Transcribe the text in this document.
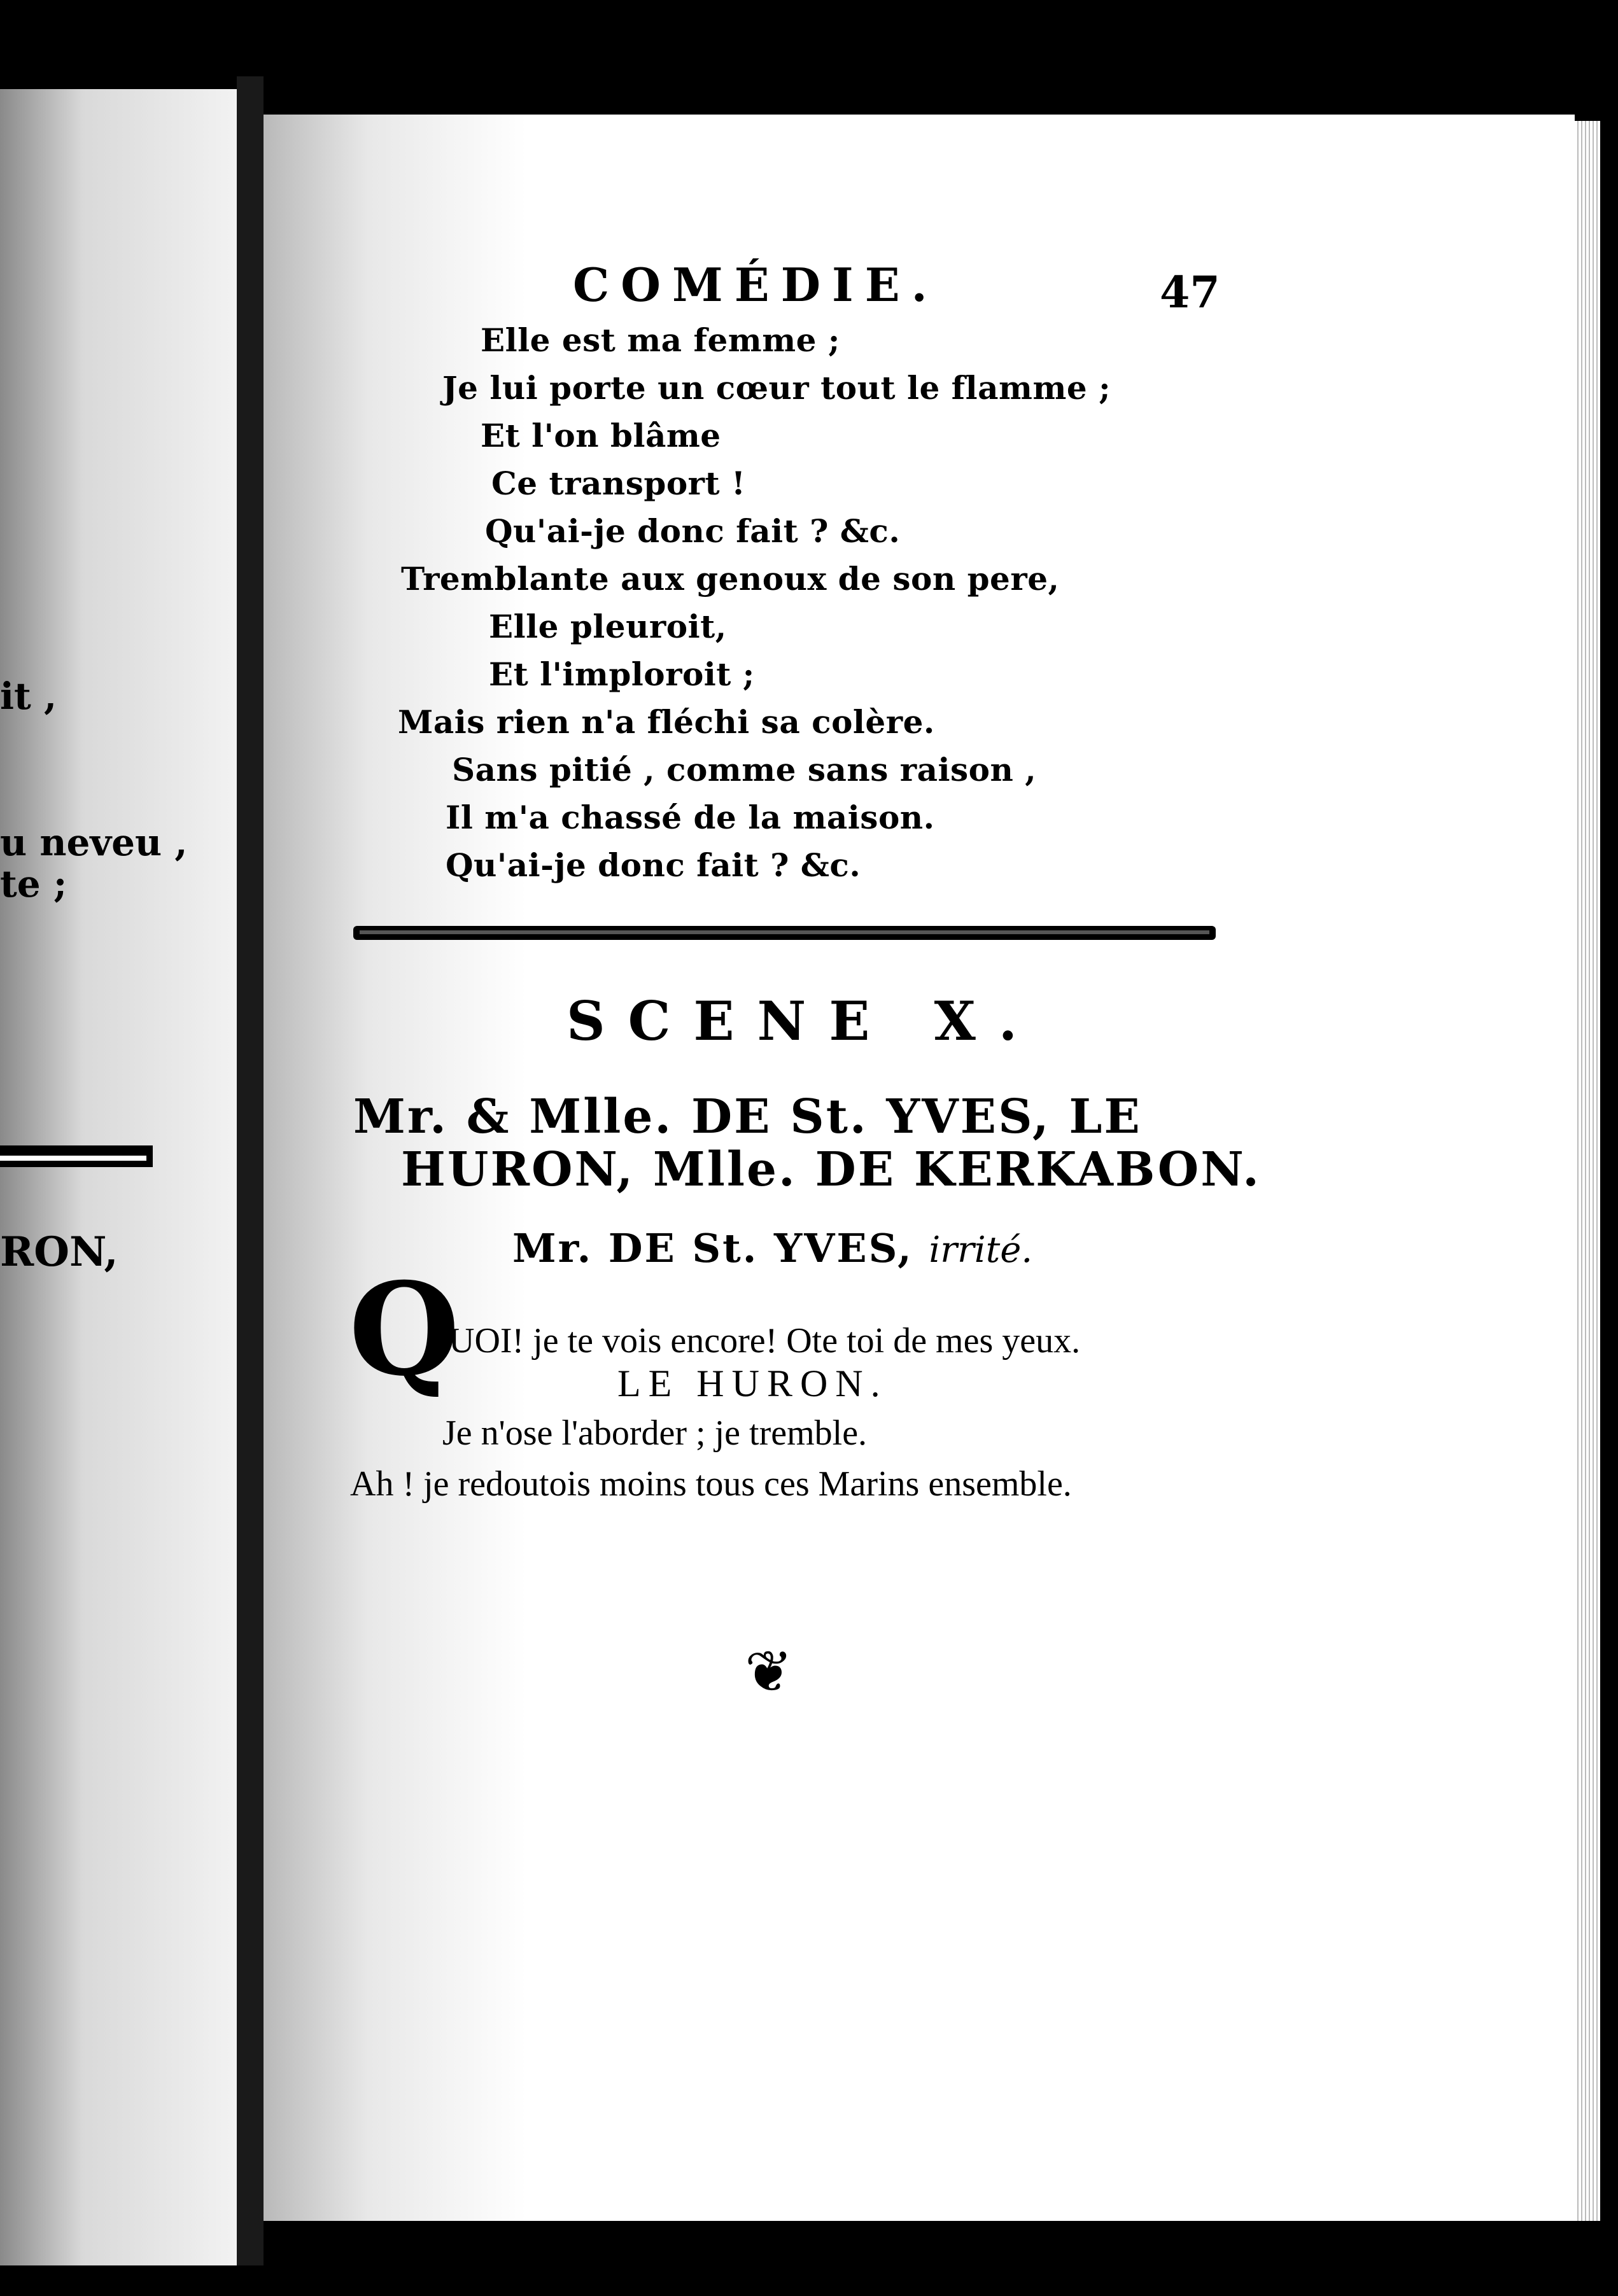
it ,
u neveu ,
te ;
RON,
COMÉDIE.	47
Elle est ma femme ;
Je lui porte un cœur tout le flamme ;
Et l'on blâme
Ce transport !
Qu'ai-je donc fait ? &c.
Tremblante aux genoux de son pere,
Elle pleuroit,
Et l'imploroit ;
Mais rien n'a fléchi sa colère.
Sans pitié , comme sans raison ,
Il m'a chassé de la maison.
Qu'ai-je donc fait ? &c.
SCENE X.
Mr. & Mlle. DE St. YVES, LE
HURON, Mlle. DE KERKABON.
Mr. DE St. YVES, irrité.
Q
UOI! je te vois encore! Ote toi de mes yeux.
LE HURON.
Je n'ose l'aborder ; je tremble.
Ah ! je redoutois moins tous ces Marins ensemble.
❦
